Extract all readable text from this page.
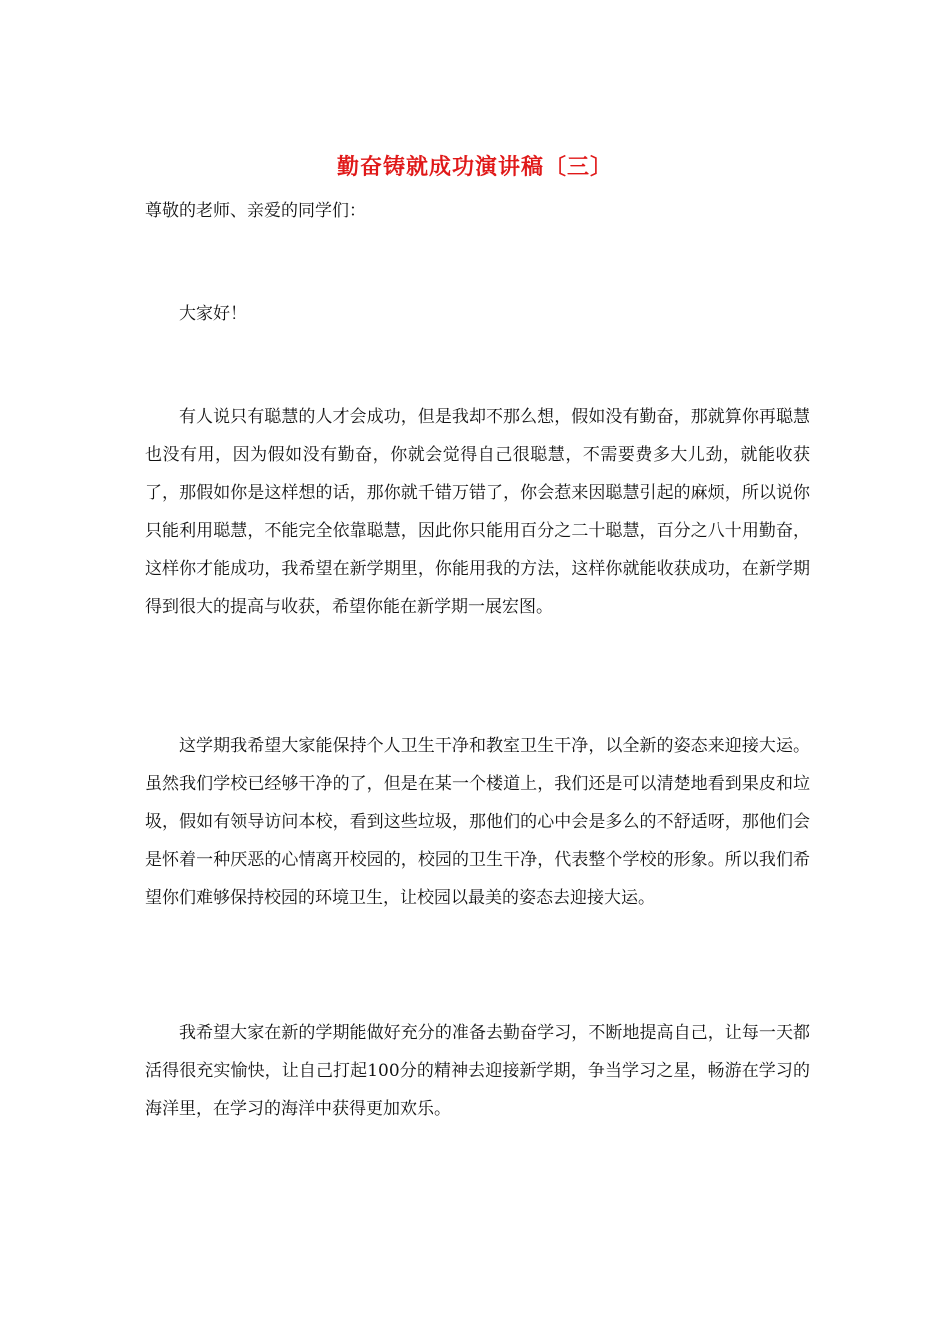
勤奋铸就成功演讲稿〔三〕

尊敬的老师、亲爱的同学们：

大家好！

有人说只有聪慧的人才会成功，但是我却不那么想，假如没有勤奋，那就算你再聪慧也没有用，因为假如没有勤奋，你就会觉得自己很聪慧，不需要费多大儿劲，就能收获了，那假如你是这样想的话，那你就千错万错了，你会惹来因聪慧引起的麻烦，所以说你只能利用聪慧，不能完全依靠聪慧，因此你只能用百分之二十聪慧，百分之八十用勤奋，这样你才能成功，我希望在新学期里，你能用我的方法，这样你就能收获成功，在新学期得到很大的提高与收获，希望你能在新学期一展宏图。

这学期我希望大家能保持个人卫生干净和教室卫生干净，以全新的姿态来迎接大运。虽然我们学校已经够干净的了，但是在某一个楼道上，我们还是可以清楚地看到果皮和垃圾，假如有领导访问本校，看到这些垃圾，那他们的心中会是多么的不舒适呀，那他们会是怀着一种厌恶的心情离开校园的，校园的卫生干净，代表整个学校的形象。所以我们希望你们难够保持校园的环境卫生，让校园以最美的姿态去迎接大运。

我希望大家在新的学期能做好充分的准备去勤奋学习，不断地提高自己，让每一天都活得很充实愉快，让自己打起100分的精神去迎接新学期，争当学习之星，畅游在学习的海洋里，在学习的海洋中获得更加欢乐。
